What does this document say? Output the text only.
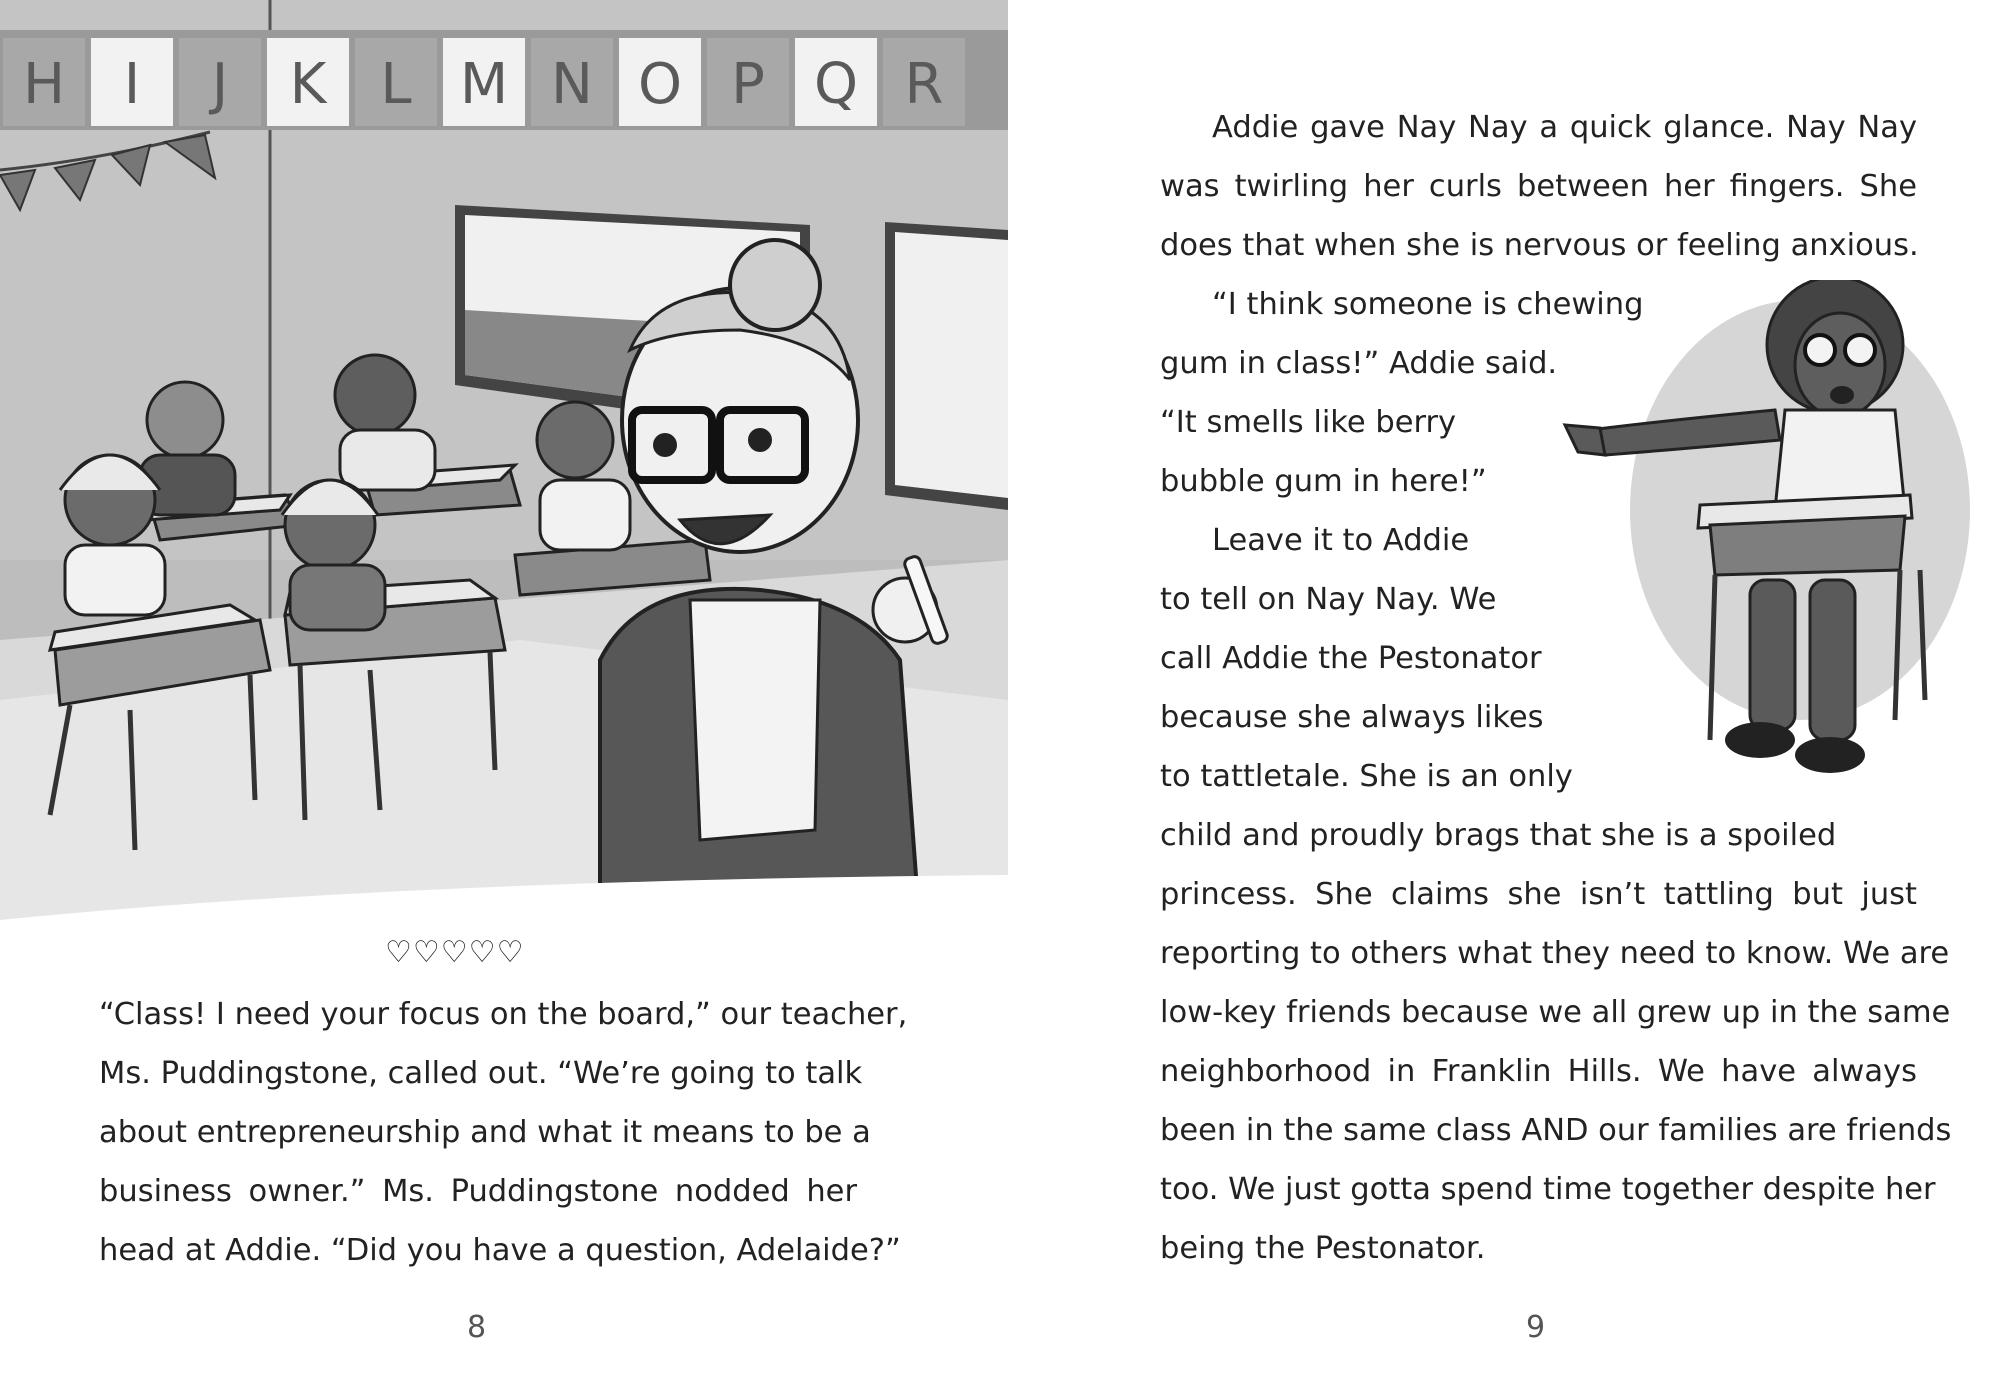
H I J K L M N O P Q R
♡♡♡♡♡
“Class! I need your focus on the board,” our teacher,
Ms. Puddingstone, called out. “We’re going to talk
about entrepreneurship and what it means to be a
business owner.” Ms. Puddingstone nodded her
head at Addie. “Did you have a question, Adelaide?”
8
Addie gave Nay Nay a quick glance. Nay Nay
was twirling her curls between her fingers. She
does that when she is nervous or feeling anxious.
“I think someone is chewing
gum in class!” Addie said.
“It smells like berry
bubble gum in here!”
Leave it to Addie
to tell on Nay Nay. We
call Addie the Pestonator
because she always likes
to tattletale. She is an only
child and proudly brags that she is a spoiled
princess. She claims she isn’t tattling but just
reporting to others what they need to know. We are
low-key friends because we all grew up in the same
neighborhood in Franklin Hills. We have always
been in the same class AND our families are friends
too. We just gotta spend time together despite her
being the Pestonator.
9
